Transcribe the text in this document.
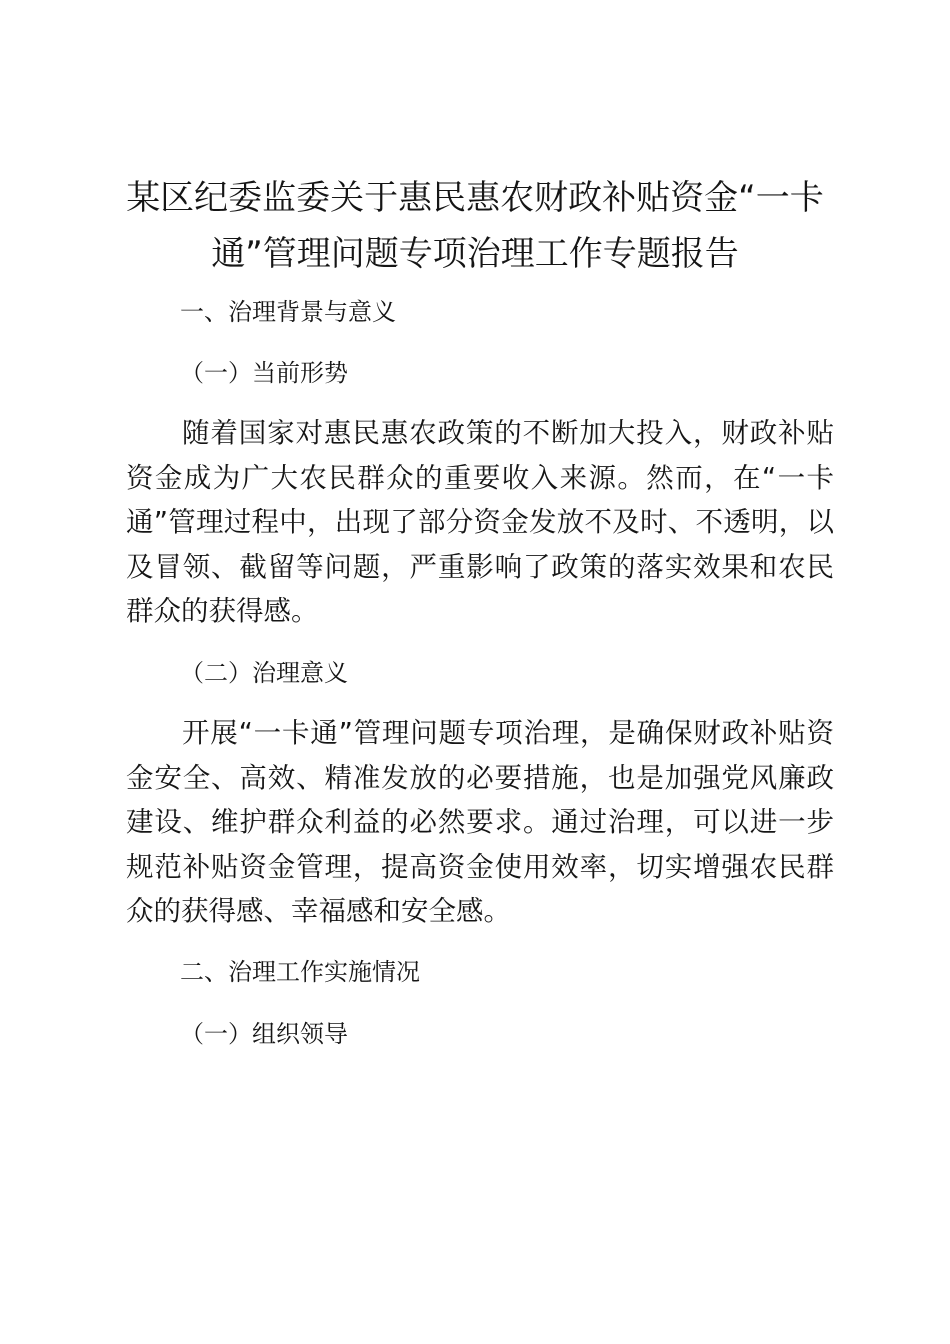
某区纪委监委关于惠民惠农财政补贴资金“一卡通”管理问题专项治理工作专题报告
一、治理背景与意义
（一）当前形势

随着国家对惠民惠农政策的不断加大投入，财政补贴资金成为广大农民群众的重要收入来源。然而，在“一卡通”管理过程中，出现了部分资金发放不及时、不透明，以及冒领、截留等问题，严重影响了政策的落实效果和农民群众的获得感。

（二）治理意义

开展“一卡通”管理问题专项治理，是确保财政补贴资金安全、高效、精准发放的必要措施，也是加强党风廉政建设、维护群众利益的必然要求。通过治理，可以进一步规范补贴资金管理，提高资金使用效率，切实增强农民群众的获得感、幸福感和安全感。

二、治理工作实施情况
（一）组织领导
